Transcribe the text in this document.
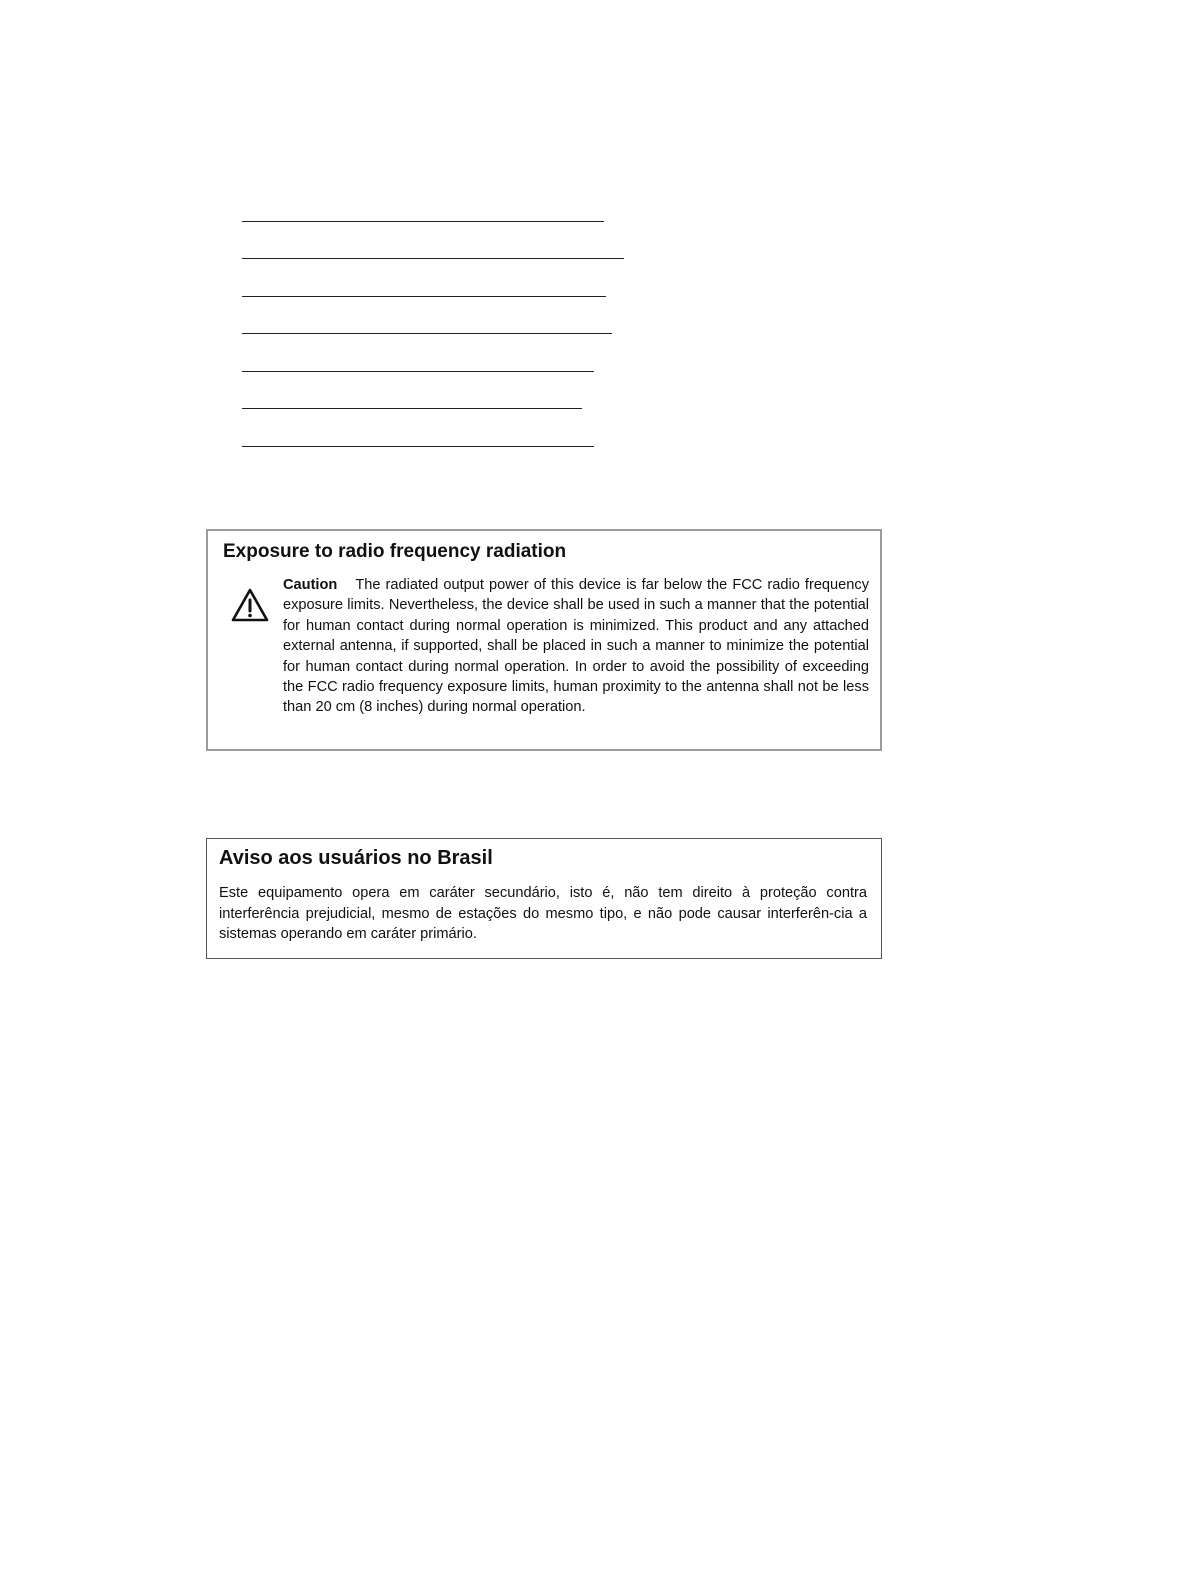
Exposure to radio frequency radiation

Caution The radiated output power of this device is far below the FCC radio frequency exposure limits. Nevertheless, the device shall be used in such a manner that the potential for human contact during normal operation is minimized. This product and any attached external antenna, if supported, shall be placed in such a manner to minimize the potential for human contact during normal operation. In order to avoid the possibility of exceeding the FCC radio frequency exposure limits, human proximity to the antenna shall not be less than 20 cm (8 inches) during normal operation.

Aviso aos usuários no Brasil

Este equipamento opera em caráter secundário, isto é, não tem direito à proteção contra interferência prejudicial, mesmo de estações do mesmo tipo, e não pode causar interferên-cia a sistemas operando em caráter primário.
